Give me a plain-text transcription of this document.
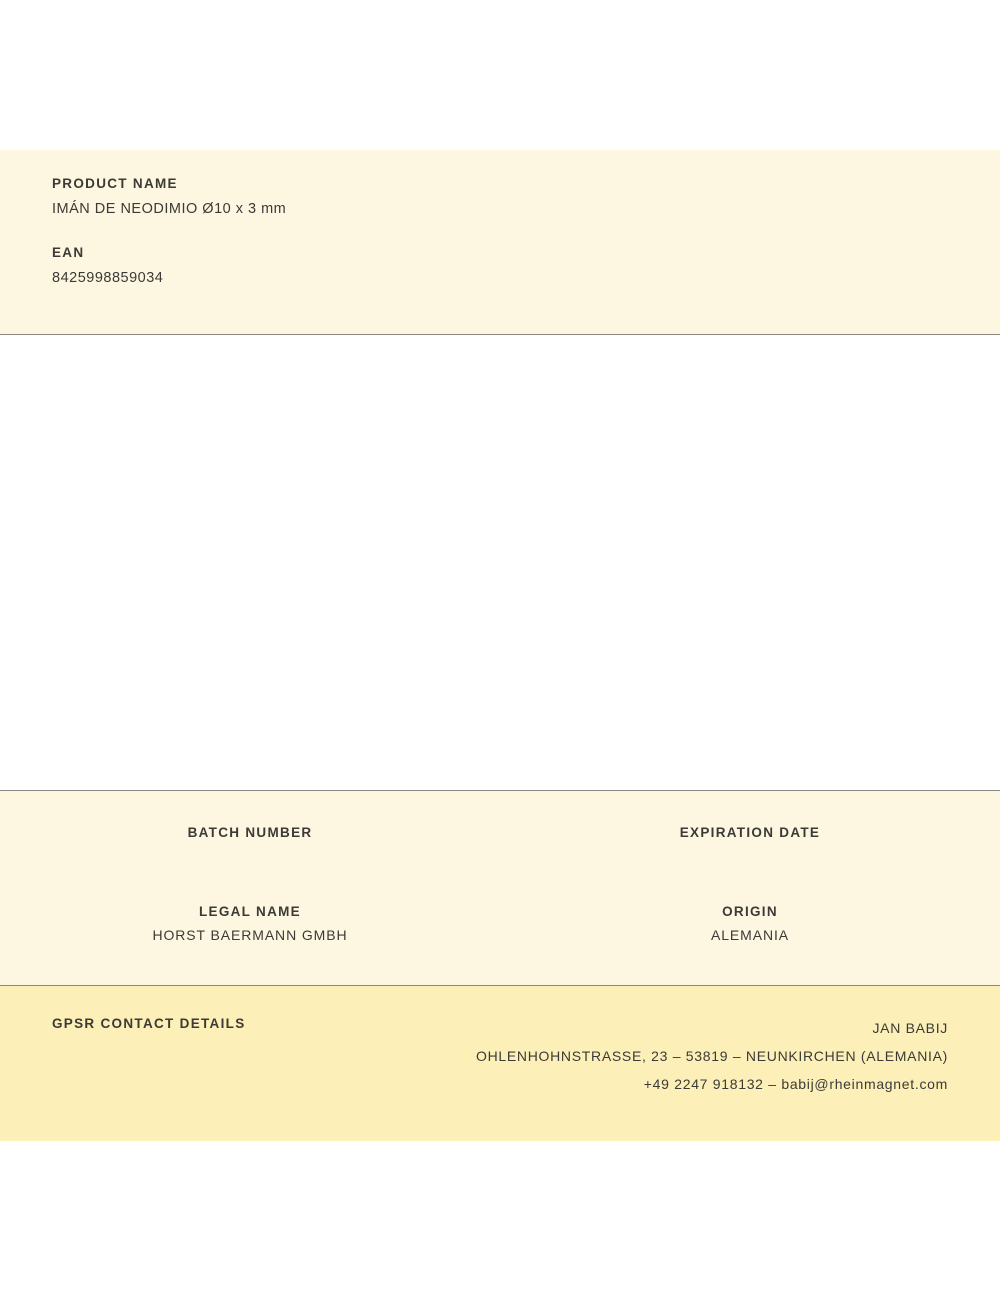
PRODUCT NAME

IMÁN DE NEODIMIO Ø10 x 3 mm

EAN

8425998859034

BATCH NUMBER	EXPIRATION DATE

LEGAL NAME

HORST BAERMANN GMBH

ORIGIN

ALEMANIA

GPSR CONTACT DETAILS	JAN BABIJ
OHLENHOHNSTRASSE, 23 – 53819 – NEUNKIRCHEN (ALEMANIA)
+49 2247 918132 – babij@rheinmagnet.com
